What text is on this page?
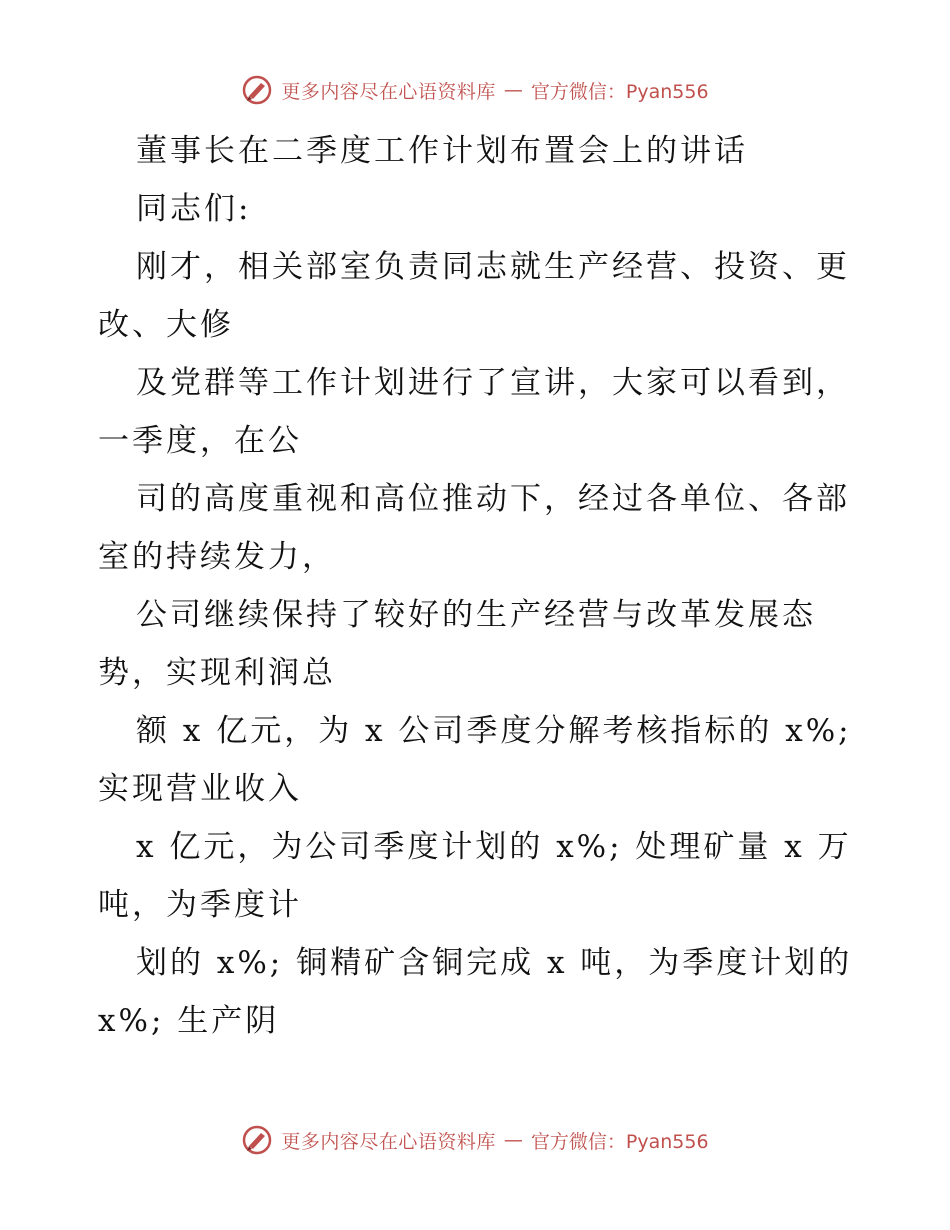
更多内容尽在心语资料库 — 官方微信：Pyan556
董事长在二季度工作计划布置会上的讲话
同志们:
刚才，相关部室负责同志就生产经营、投资、更
改、大修
及党群等工作计划进行了宣讲，大家可以看到，
一季度，在公
司的高度重视和高位推动下，经过各单位、各部
室的持续发力，
公司继续保持了较好的生产经营与改革发展态
势，实现利润总
额 x 亿元，为 x 公司季度分解考核指标的 x%;
实现营业收入
x 亿元，为公司季度计划的 x%; 处理矿量 x 万
吨，为季度计
划的 x%; 铜精矿含铜完成 x 吨，为季度计划的
x%; 生产阴
更多内容尽在心语资料库 — 官方微信：Pyan556
